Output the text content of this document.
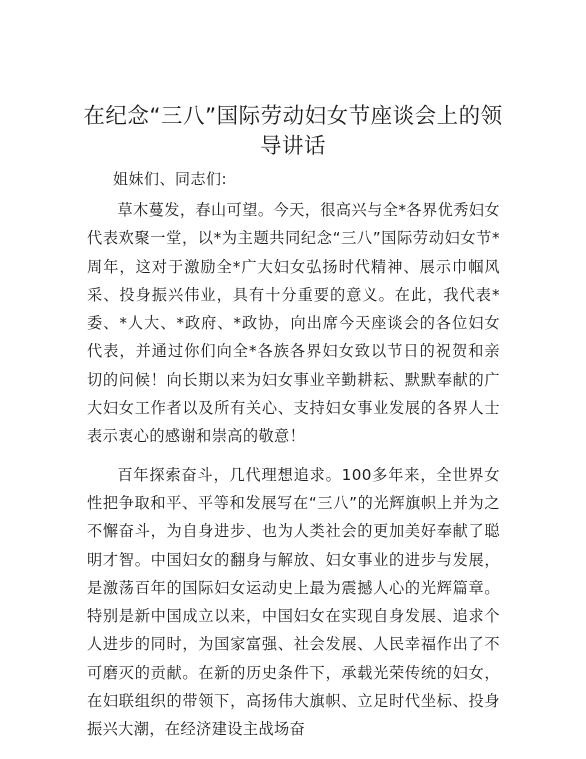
在纪念“三八”国际劳动妇女节座谈会上的领导讲话
姐妹们、同志们:

草木蔓发，春山可望。今天，很高兴与全*各界优秀妇女代表欢聚一堂，以*为主题共同纪念“三八”国际劳动妇女节*周年，这对于激励全*广大妇女弘扬时代精神、展示巾帼风采、投身振兴伟业，具有十分重要的意义。在此，我代表*委、*人大、*政府、*政协，向出席今天座谈会的各位妇女代表，并通过你们向全*各族各界妇女致以节日的祝贺和亲切的问候！向长期以来为妇女事业辛勤耕耘、默默奉献的广大妇女工作者以及所有关心、支持妇女事业发展的各界人士表示衷心的感谢和崇高的敬意！

百年探索奋斗，几代理想追求。100多年来，全世界女性把争取和平、平等和发展写在“三八”的光辉旗帜上并为之不懈奋斗，为自身进步、也为人类社会的更加美好奉献了聪明才智。中国妇女的翻身与解放、妇女事业的进步与发展，是激荡百年的国际妇女运动史上最为震撼人心的光辉篇章。特别是新中国成立以来，中国妇女在实现自身发展、追求个人进步的同时，为国家富强、社会发展、人民幸福作出了不可磨灭的贡献。在新的历史条件下，承载光荣传统的妇女，在妇联组织的带领下，高扬伟大旗帜、立足时代坐标、投身振兴大潮，在经济建设主战场奋
